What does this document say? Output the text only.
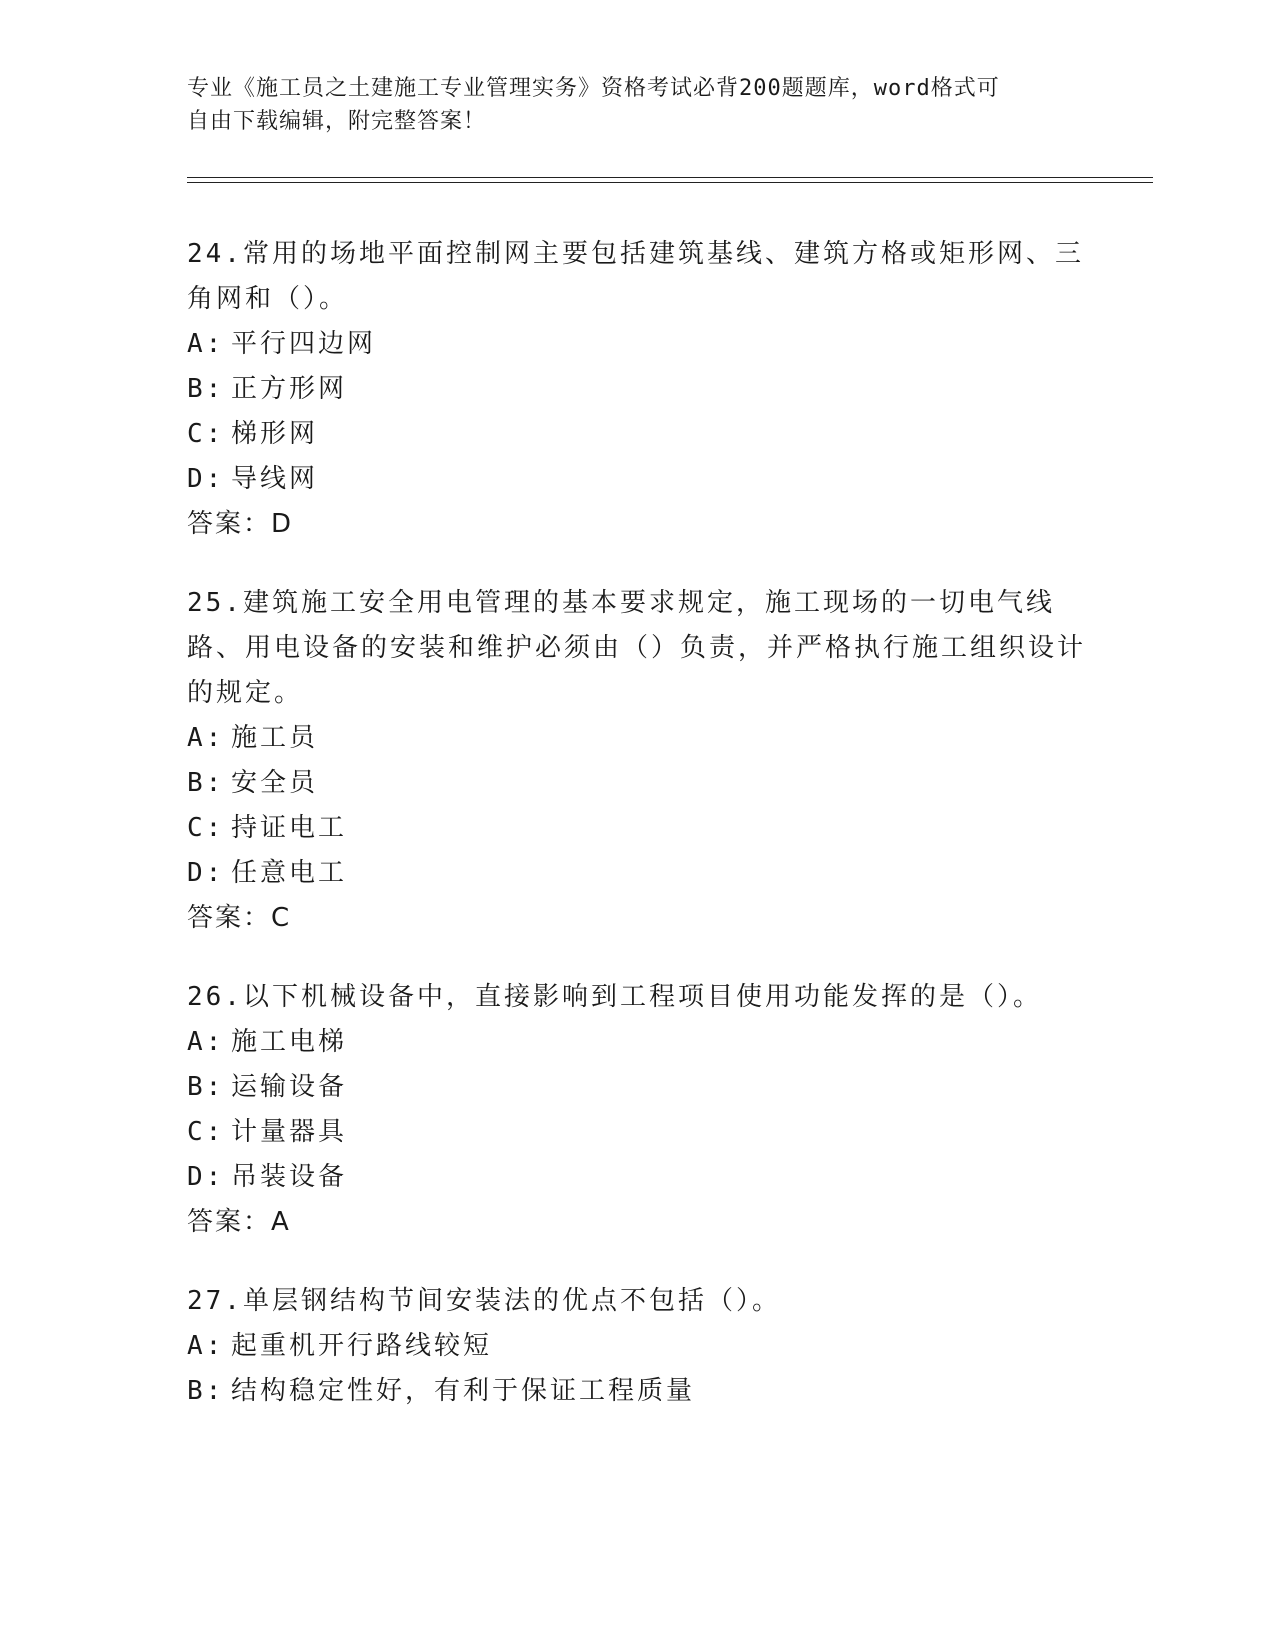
专业《施工员之土建施工专业管理实务》资格考试必背200题题库，word格式可
自由下载编辑，附完整答案！
24.常用的场地平面控制网主要包括建筑基线、建筑方格或矩形网、三角网和（）。
A: 平行四边网
B: 正方形网
C: 梯形网
D: 导线网
答案：D
25.建筑施工安全用电管理的基本要求规定，施工现场的一切电气线路、用电设备的安装和维护必须由（）负责，并严格执行施工组织设计的规定。
A: 施工员
B: 安全员
C: 持证电工
D: 任意电工
答案：C
26.以下机械设备中，直接影响到工程项目使用功能发挥的是（）。
A: 施工电梯
B: 运输设备
C: 计量器具
D: 吊装设备
答案：A
27.单层钢结构节间安装法的优点不包括（）。
A: 起重机开行路线较短
B: 结构稳定性好，有利于保证工程质量
